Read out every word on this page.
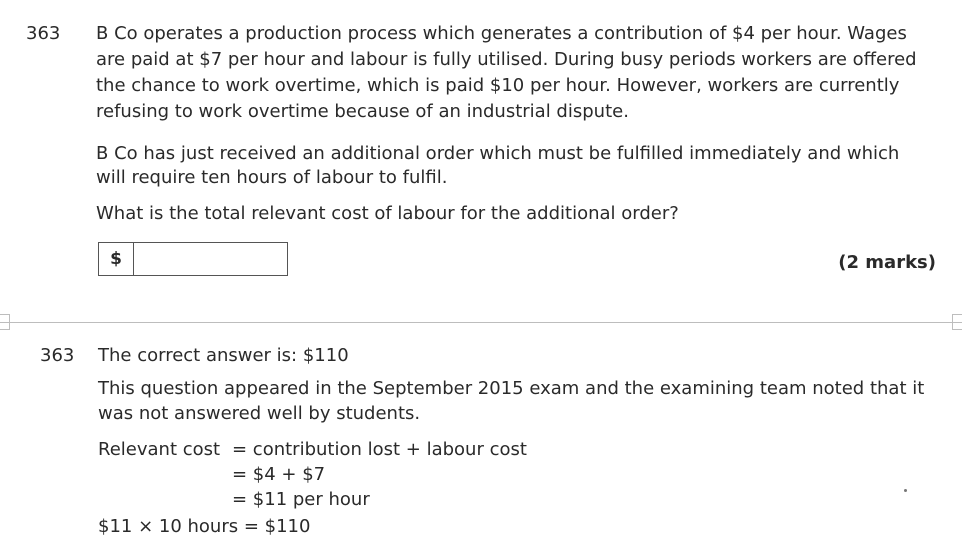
363 B Co operates a production process which generates a contribution of $4 per hour. Wages
are paid at $7 per hour and labour is fully utilised. During busy periods workers are offered
the chance to work overtime, which is paid $10 per hour. However, workers are currently
refusing to work overtime because of an industrial dispute.

B Co has just received an additional order which must be fulfilled immediately and which
will require ten hours of labour to fulfil.

What is the total relevant cost of labour for the additional order?

$	(2 marks)
363 The correct answer is: $110

This question appeared in the September 2015 exam and the examining team noted that it
was not answered well by students.

Relevant cost = contribution lost + labour cost
= $4 + $7
= $11 per hour
$11 × 10 hours = $110
